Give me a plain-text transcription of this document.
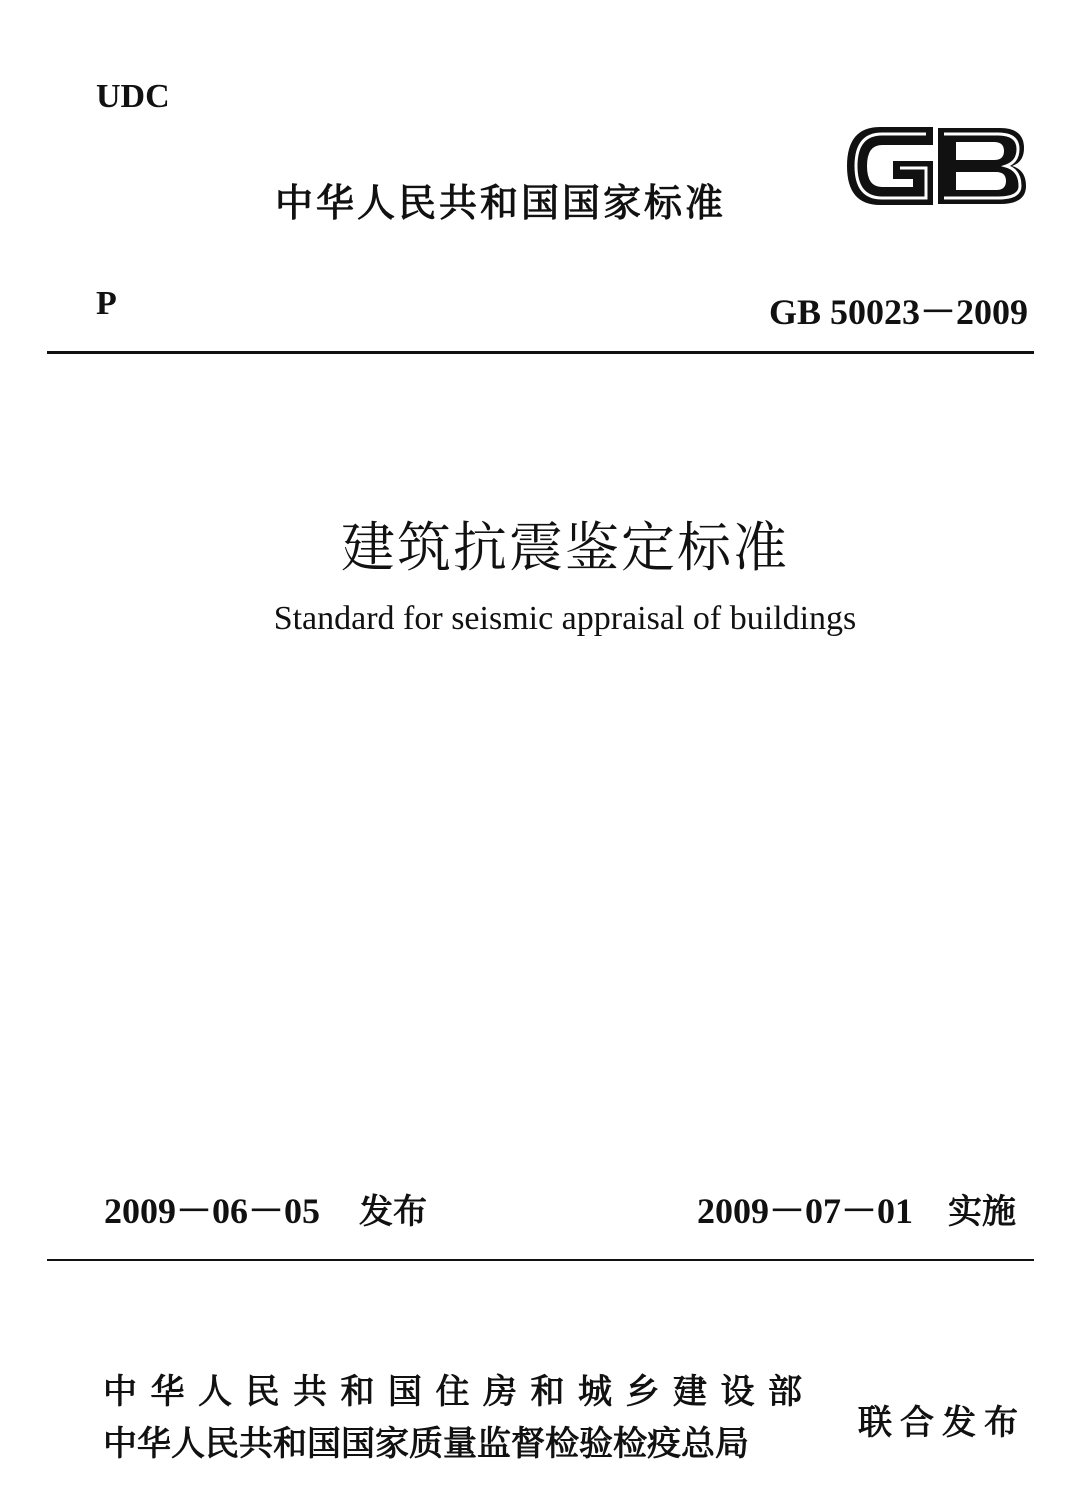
UDC
中华人民共和国国家标准
P	GB 50023－2009
建筑抗震鉴定标准
Standard for seismic appraisal of buildings
2009－06－05 发布	2009－07－01 实施
中华人民共和国住房和城乡建设部
中华人民共和国国家质量监督检验检疫总局
联合发布
